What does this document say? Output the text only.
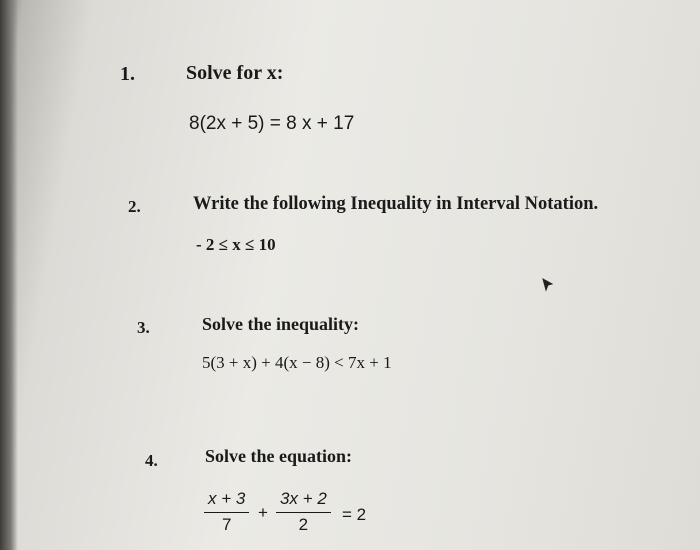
1.	Solve for x:
8(2x + 5) = 8 x + 17
2.	Write the following Inequality in Interval Notation.
- 2 ≤ x ≤ 10
3.	Solve the inequality:
5(3 + x) + 4(x − 8) < 7x + 1
4.	Solve the equation:
$\frac{x + 3}{7} + \frac{3x + 2}{2} = 2$
